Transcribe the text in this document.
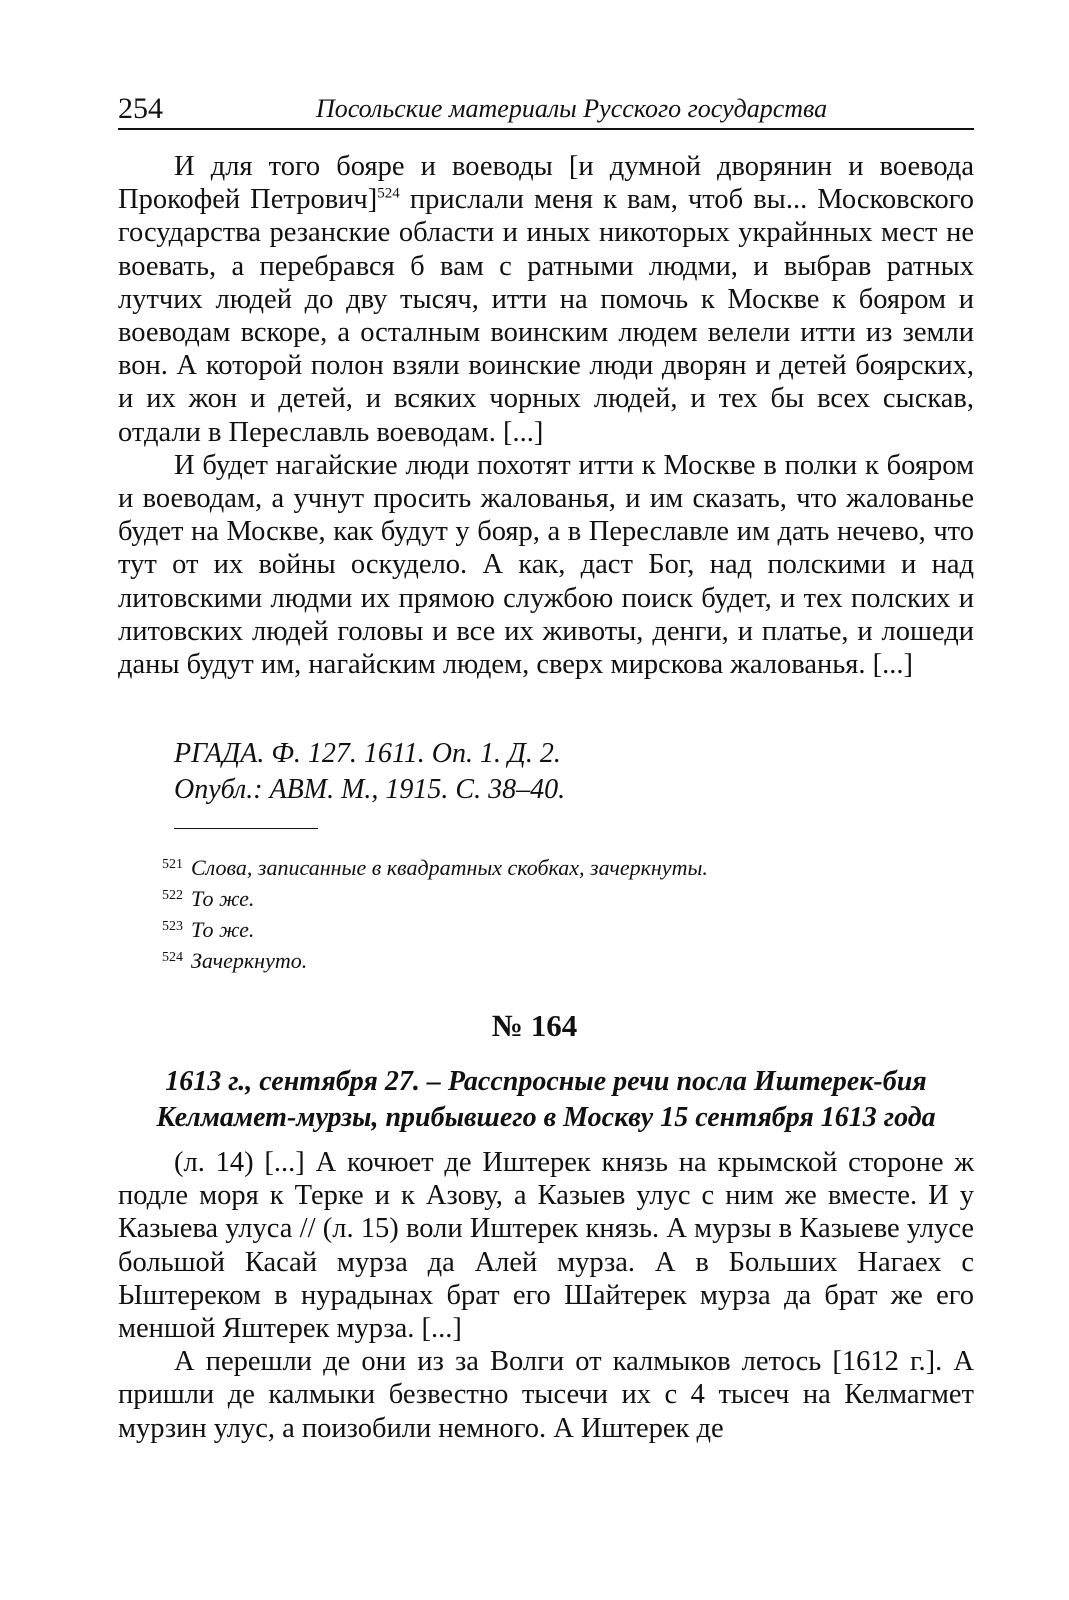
254	Посольские материалы Русского государства

И для того бояре и воеводы [и думной дворянин и воевода Прокофей Петрович]$^{524}$ прислали меня к вам, чтоб вы... Московского государства резанские области и иных никоторых украйнных мест не воевать, а перебрався б вам с ратными людми, и выбрав ратных лутчих людей до дву тысяч, итти на помочь к Москве к бояром и воеводам вскоре, а осталным воинским людем велели итти из земли вон. А которой полон взяли воинские люди дворян и детей боярских, и их жон и детей, и всяких чорных людей, и тех бы всех сыскав, отдали в Переславль воеводам. [...]

И будет нагайские люди похотят итти к Москве в полки к бояром и воеводам, а учнут просить жалованья, и им сказать, что жалованье будет на Москве, как будут у бояр, а в Переславле им дать нечево, что тут от их войны оскудело. А как, даст Бог, над полскими и над литовскими людми их прямою службою поиск будет, и тех полских и литовских людей головы и все их животы, денги, и платье, и лошеди даны будут им, нагайским людем, сверх мирскова жалованья. [...]

РГАДА. Ф. 127. 1611. Оп. 1. Д. 2.
Опубл.: АВМ. М., 1915. С. 38–40.
$^{521}$ Слова, записанные в квадратных скобках, зачеркнуты.
$^{522}$ То же.
$^{523}$ То же.
$^{524}$ Зачеркнуто.
№ 164
1613 г., сентября 27. – Расспросные речи посла Иштерек-бия Келмамет-мурзы, прибывшего в Москву 15 сентября 1613 года

(л. 14) [...] А кочюет де Иштерек князь на крымской стороне ж подле моря к Терке и к Азову, а Казыев улус с ним же вместе. И у Казыева улуса // (л. 15) воли Иштерек князь. А мурзы в Казыеве улусе большой Касай мурза да Алей мурза. А в Больших Нагаех с Ыштереком в нурадынах брат его Шайтерек мурза да брат же его меншой Яштерек мурза. [...]

А перешли де они из за Волги от калмыков летось [1612 г.]. А пришли де калмыки безвестно тысечи их с 4 тысеч на Келмагмет мурзин улус, а поизобили немного. А Иштерек де
